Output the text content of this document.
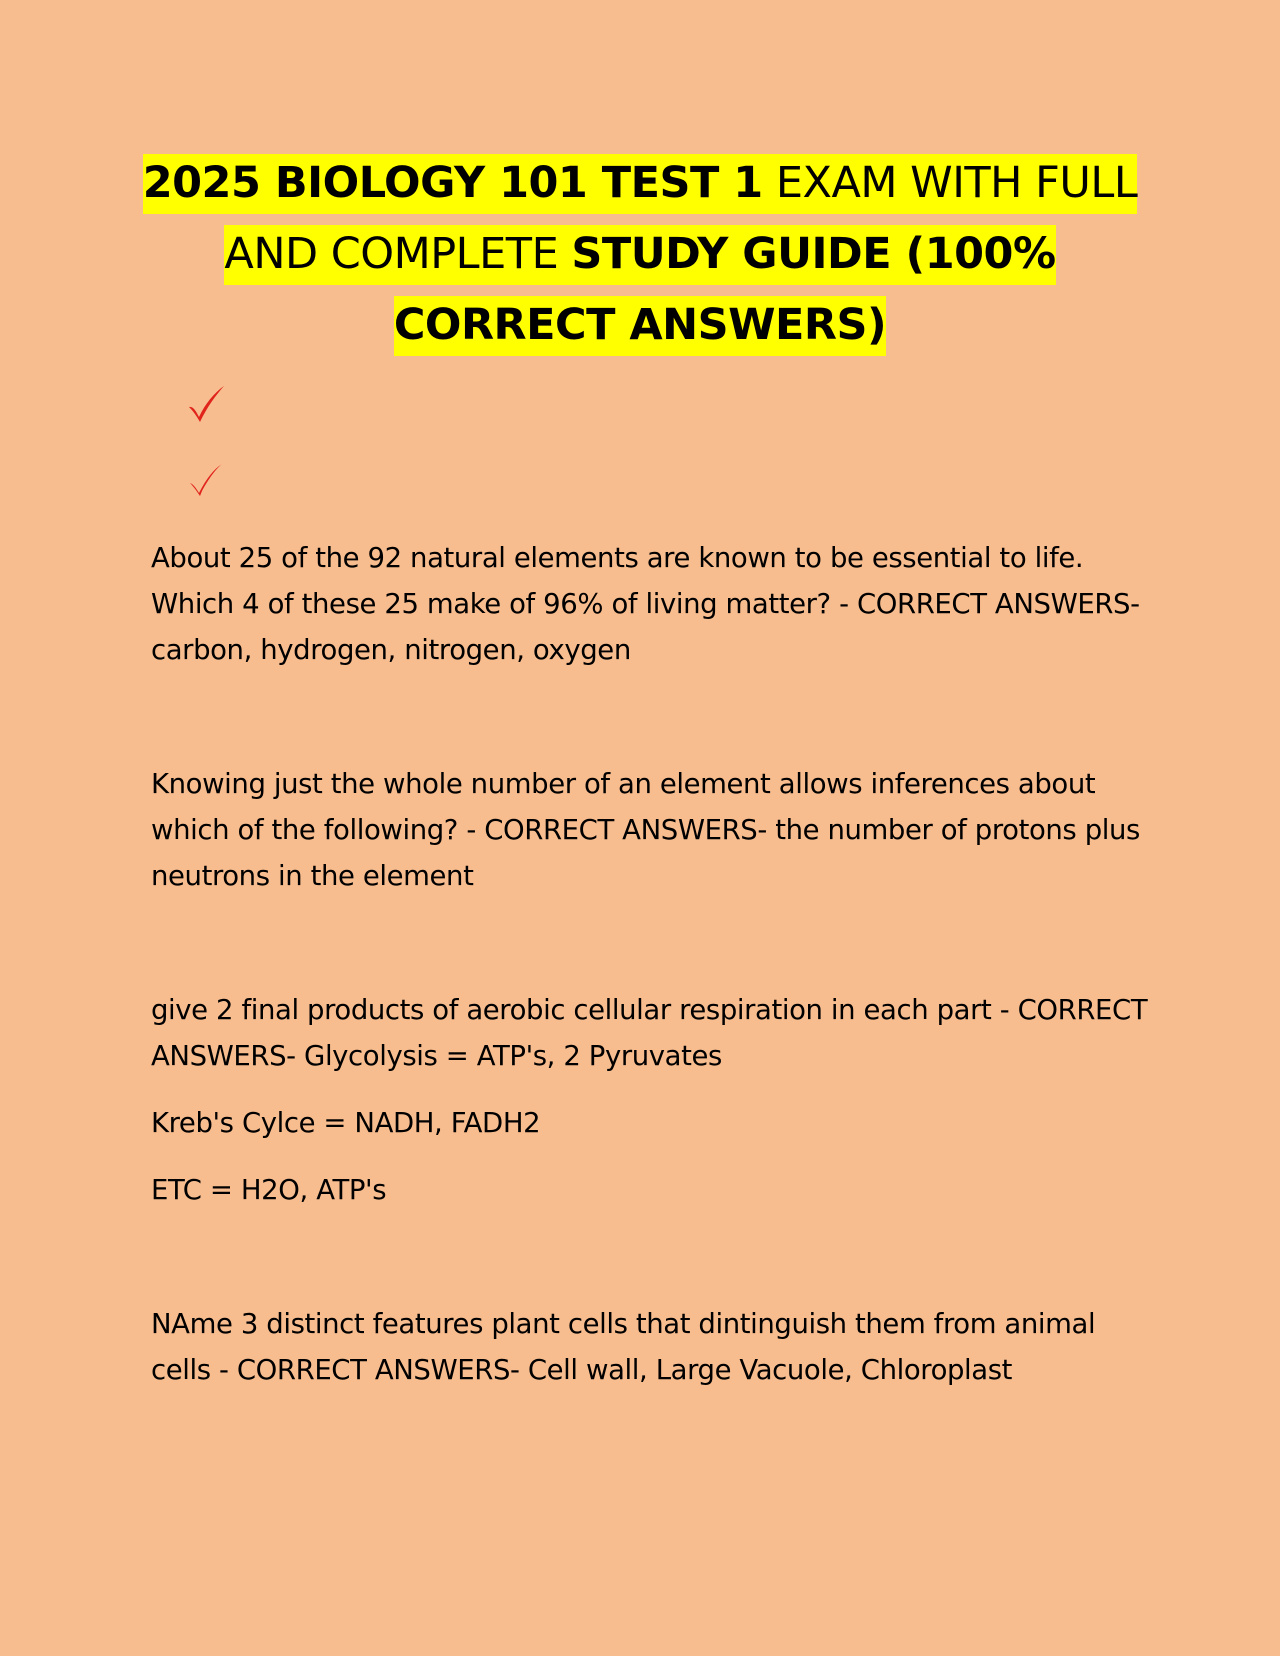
2025 BIOLOGY 101 TEST 1 EXAM WITH FULL
AND COMPLETE STUDY GUIDE (100%
CORRECT ANSWERS)

About 25 of the 92 natural elements are known to be essential to life. Which 4 of these 25 make of 96% of living matter? - CORRECT ANSWERS- carbon, hydrogen, nitrogen, oxygen

Knowing just the whole number of an element allows inferences about which of the following? - CORRECT ANSWERS- the number of protons plus neutrons in the element

give 2 final products of aerobic cellular respiration in each part - CORRECT ANSWERS- Glycolysis = ATP's, 2 Pyruvates

Kreb's Cylce = NADH, FADH2

ETC = H2O, ATP's

NAme 3 distinct features plant cells that dintinguish them from animal cells - CORRECT ANSWERS- Cell wall, Large Vacuole, Chloroplast
